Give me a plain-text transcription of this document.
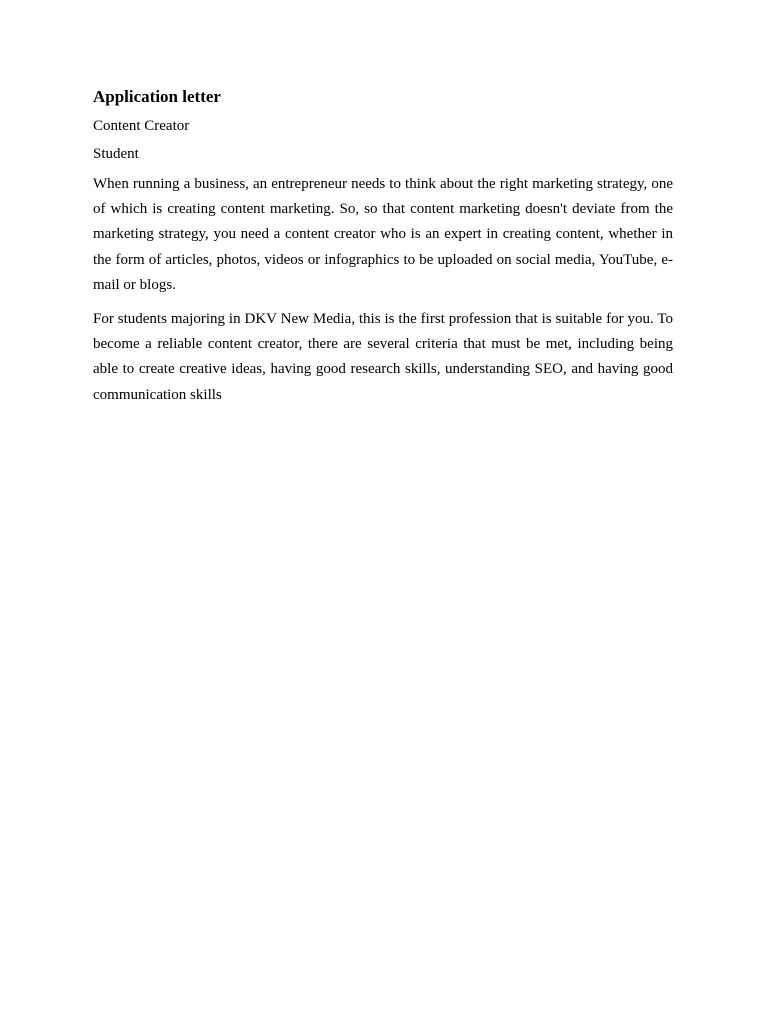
Application letter
Content Creator
Student

When running a business, an entrepreneur needs to think about the right marketing strategy, one of which is creating content marketing. So, so that content marketing doesn't deviate from the marketing strategy, you need a content creator who is an expert in creating content, whether in the form of articles, photos, videos or infographics to be uploaded on social media, YouTube, e-mail or blogs.

For students majoring in DKV New Media, this is the first profession that is suitable for you. To become a reliable content creator, there are several criteria that must be met, including being able to create creative ideas, having good research skills, understanding SEO, and having good communication skills
